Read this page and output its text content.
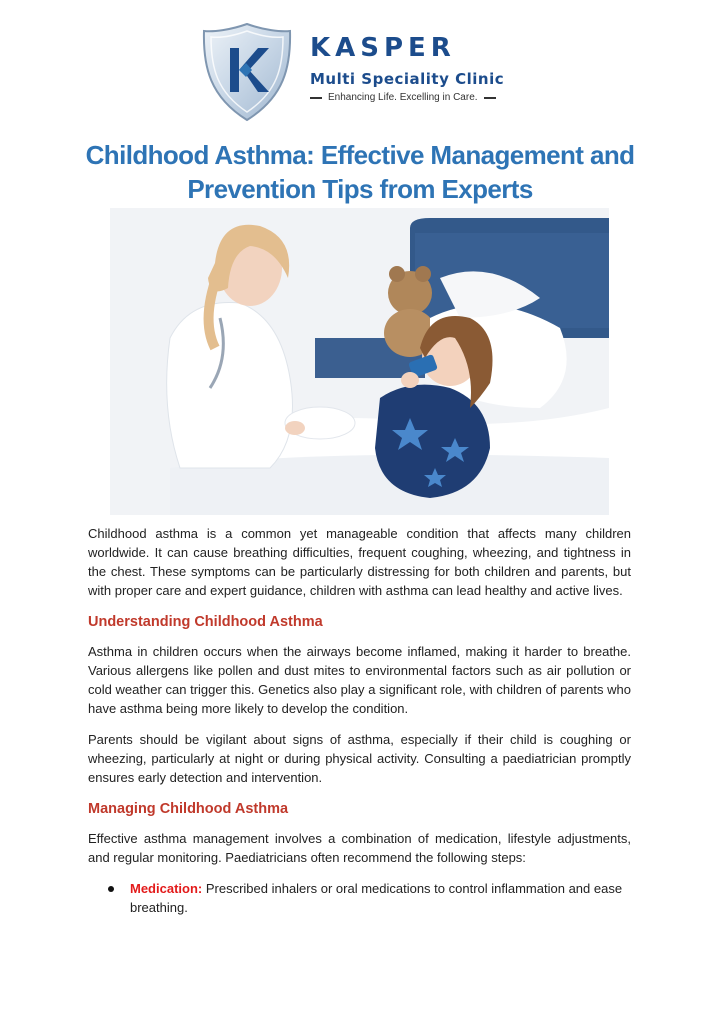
KASPER

Multi Speciality Clinic

Enhancing Life. Excelling in Care.
Childhood Asthma: Effective Management and Prevention Tips from Experts

Childhood asthma is a common yet manageable condition that affects many children worldwide. It can cause breathing difficulties, frequent coughing, wheezing, and tightness in the chest. These symptoms can be particularly distressing for both children and parents, but with proper care and expert guidance, children with asthma can lead healthy and active lives.

Understanding Childhood Asthma

Asthma in children occurs when the airways become inflamed, making it harder to breathe. Various allergens like pollen and dust mites to environmental factors such as air pollution or cold weather can trigger this. Genetics also play a significant role, with children of parents who have asthma being more likely to develop the condition.

Parents should be vigilant about signs of asthma, especially if their child is coughing or wheezing, particularly at night or during physical activity. Consulting a paediatrician promptly ensures early detection and intervention.

Managing Childhood Asthma

Effective asthma management involves a combination of medication, lifestyle adjustments, and regular monitoring. Paediatricians often recommend the following steps:

Medication: Prescribed inhalers or oral medications to control inflammation and ease breathing.
